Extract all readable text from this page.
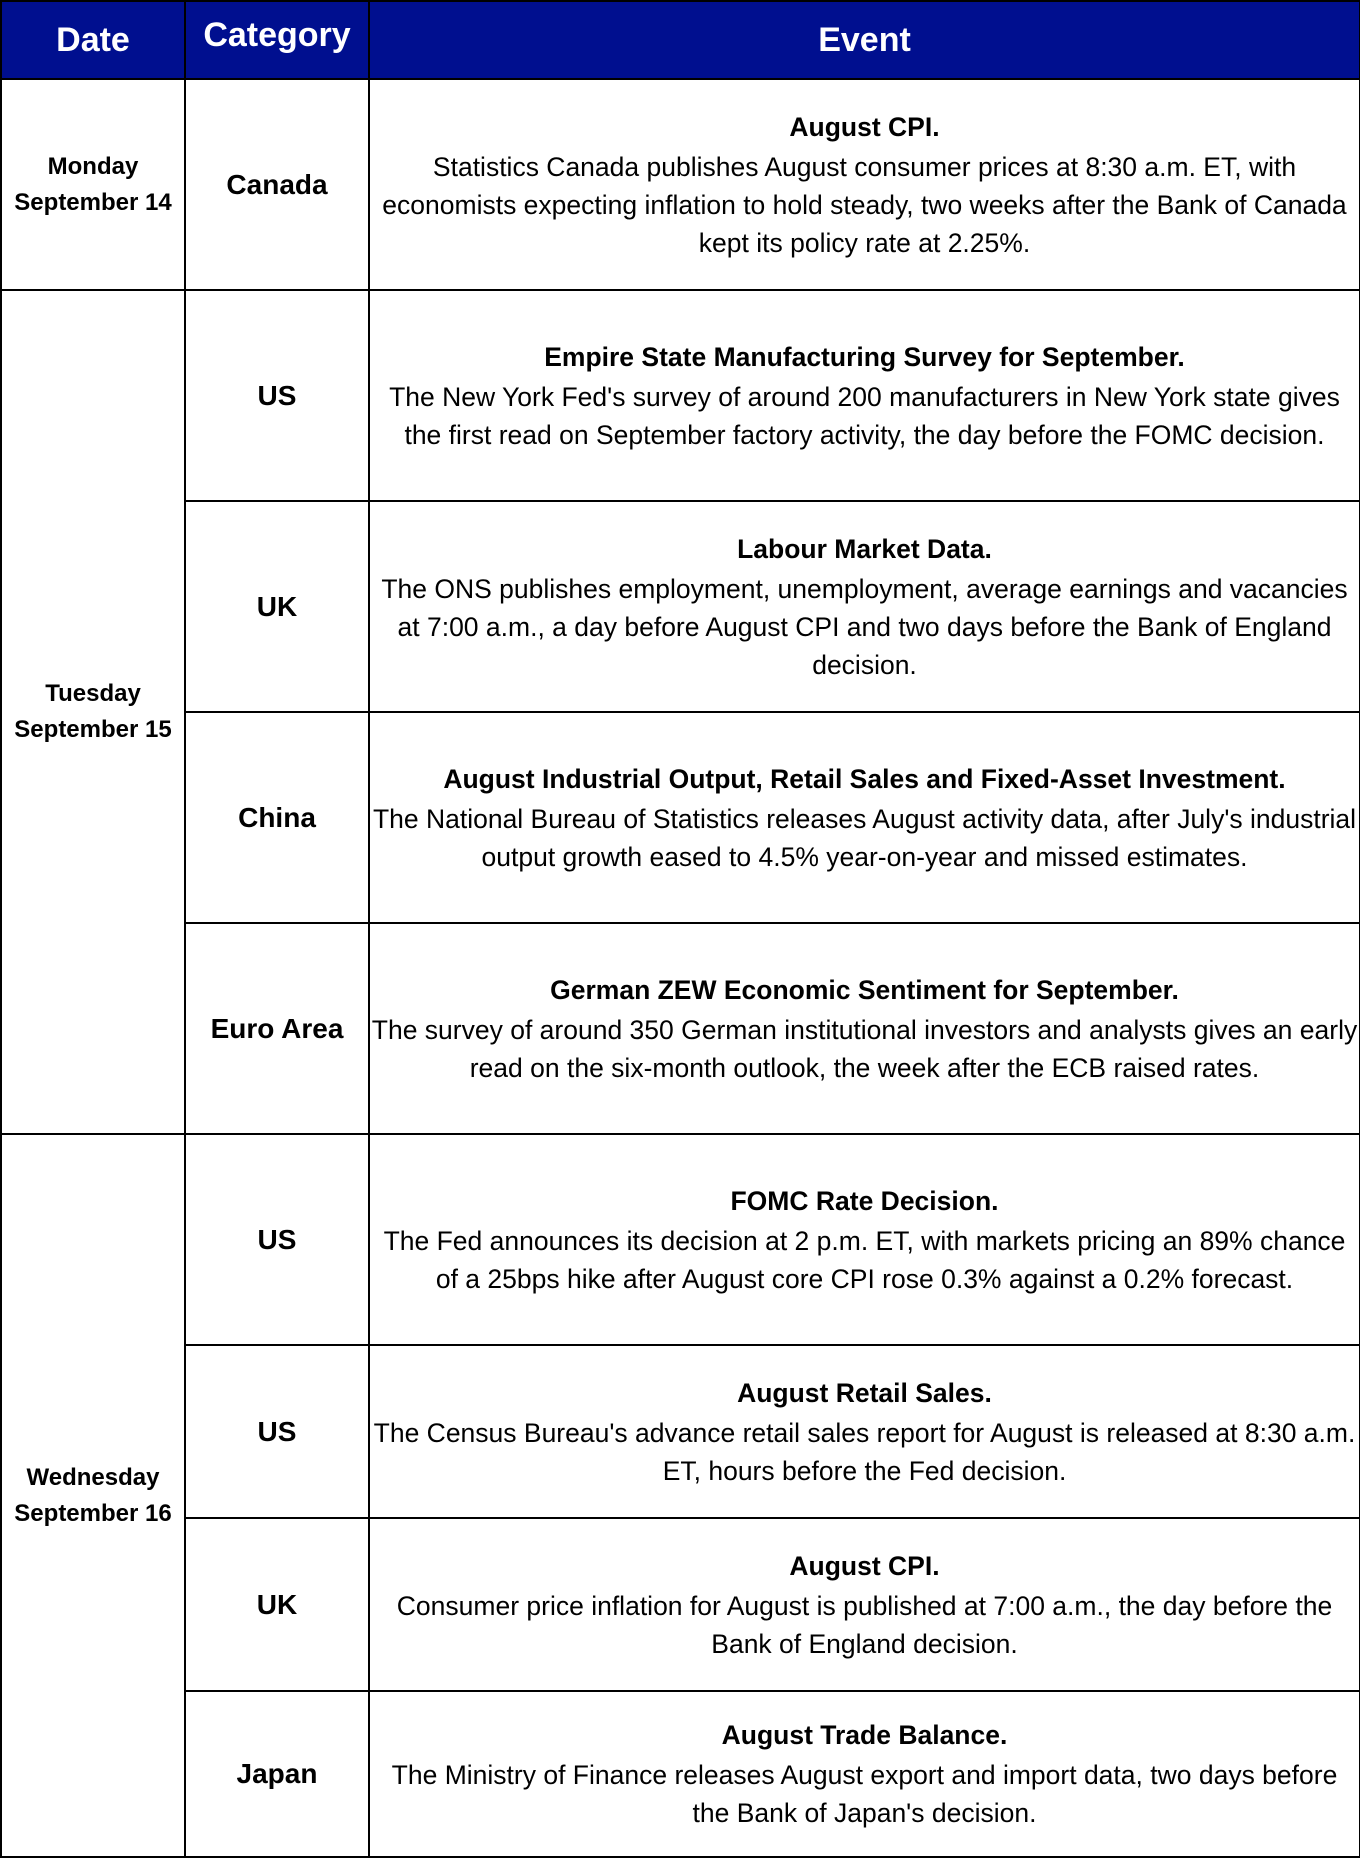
Date	Category	Event

Monday
September 14	Canada	August CPI.
Statistics Canada publishes August consumer prices at 8:30 a.m. ET, with economists expecting inflation to hold steady, two weeks after the Bank of Canada kept its policy rate at 2.25%.

Tuesday
September 15	US	Empire State Manufacturing Survey for September.
The New York Fed's survey of around 200 manufacturers in New York state gives the first read on September factory activity, the day before the FOMC decision.

	UK	Labour Market Data.
The ONS publishes employment, unemployment, average earnings and vacancies at 7:00 a.m., a day before August CPI and two days before the Bank of England decision.

	China	August Industrial Output, Retail Sales and Fixed-Asset Investment.
The National Bureau of Statistics releases August activity data, after July's industrial output growth eased to 4.5% year-on-year and missed estimates.

	Euro Area	German ZEW Economic Sentiment for September.
The survey of around 350 German institutional investors and analysts gives an early read on the six-month outlook, the week after the ECB raised rates.

Wednesday
September 16	US	FOMC Rate Decision.
The Fed announces its decision at 2 p.m. ET, with markets pricing an 89% chance of a 25bps hike after August core CPI rose 0.3% against a 0.2% forecast.

	US	August Retail Sales.
The Census Bureau's advance retail sales report for August is released at 8:30 a.m. ET, hours before the Fed decision.

	UK	August CPI.
Consumer price inflation for August is published at 7:00 a.m., the day before the Bank of England decision.

	Japan	August Trade Balance.
The Ministry of Finance releases August export and import data, two days before the Bank of Japan's decision.
